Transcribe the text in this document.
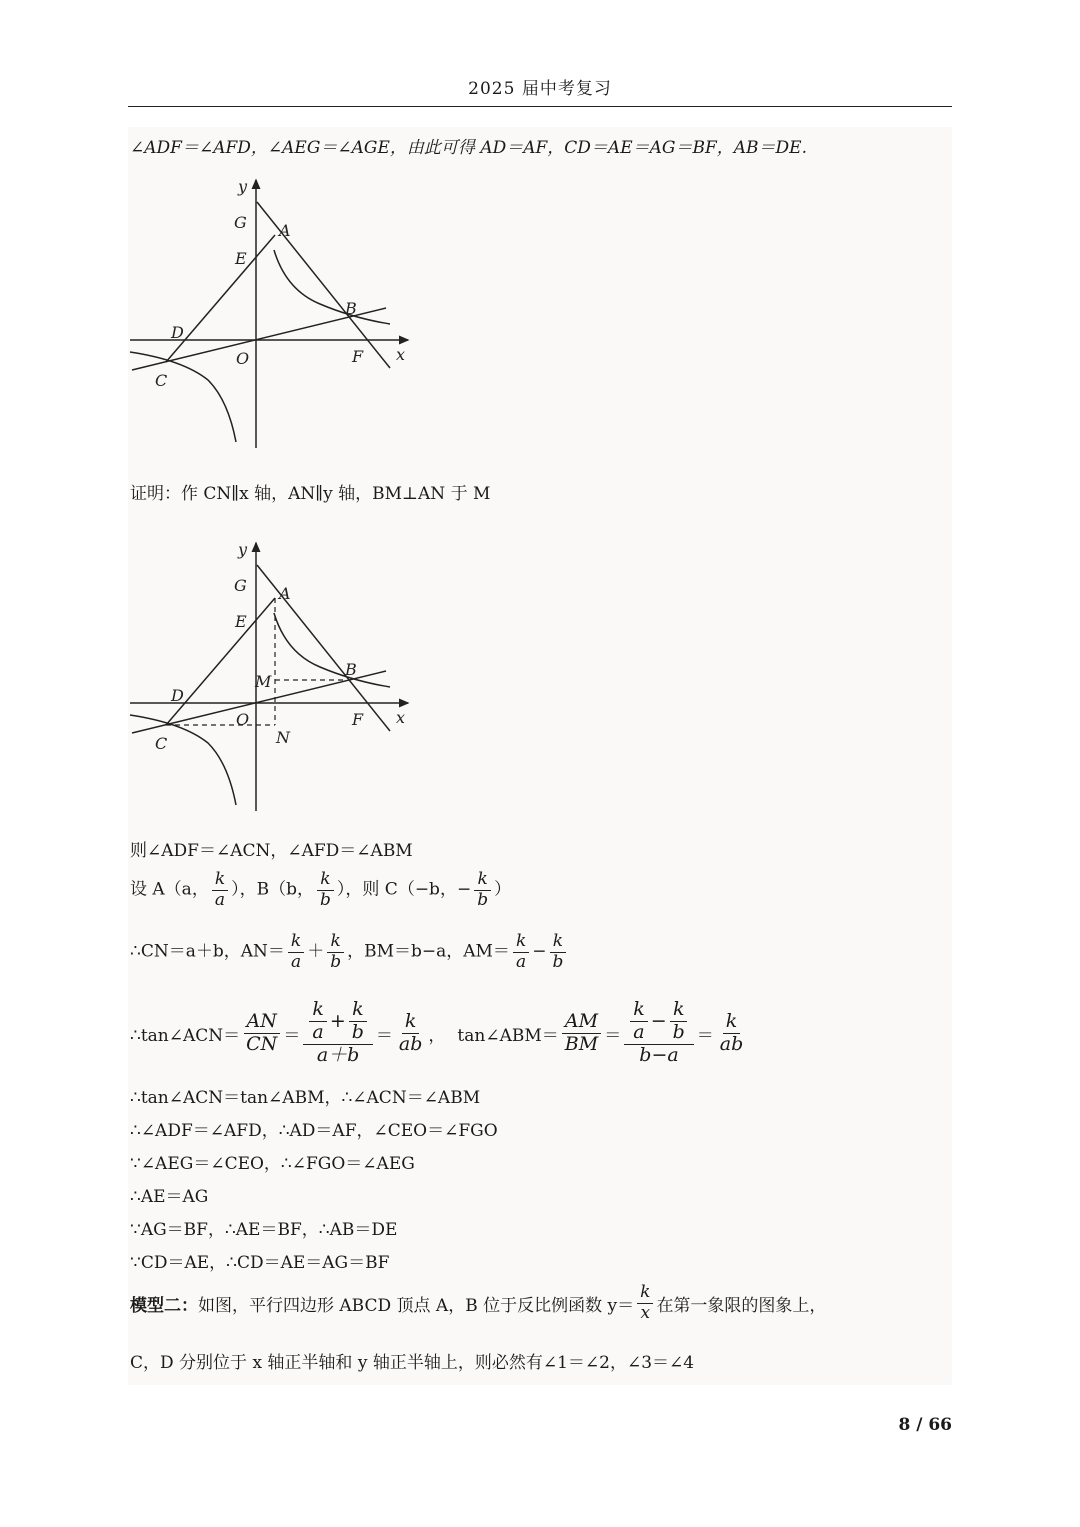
2025 届中考复习
∠ADF＝∠AFD，∠AEG＝∠AGE，由此可得 AD＝AF，CD＝AE＝AG＝BF，AB＝DE.
y
G A
E
B
D
O	F x
C
证明：作 CN∥x 轴，AN∥y 轴，BM⊥AN 于 M
y
G A
E
M
B
D
O	F x
C	N
则∠ADF＝∠ACN，∠AFD＝∠ABM
设 A（a， $\frac{k}{a}$ ），B（b， $\frac{k}{b}$ ），则 C（−b，− $\frac{k}{b}$ ）
∴CN＝a＋b，$AN= \frac{k}{a} + \frac{k}{b}$ ，BM＝b−a，$AM= \frac{k}{a} - \frac{k}{b}$
∴tan∠ACN＝ $\frac{AN}{CN} = \frac{\frac{k}{a} + \frac{k}{b}}{a+b} = \frac{k}{ab}$ ， tan∠ABM＝ $\frac{AM}{BM} = \frac{\frac{k}{a} - \frac{k}{b}}{b-a} = \frac{k}{ab}$
∴tan∠ACN＝tan∠ABM，∴∠ACN＝∠ABM
∴∠ADF＝∠AFD，∴AD＝AF，∠CEO＝∠FGO
∵∠AEG＝∠CEO，∴∠FGO＝∠AEG
∴AE＝AG
∵AG＝BF，∴AE＝BF，∴AB＝DE
∵CD＝AE，∴CD＝AE＝AG＝BF
模型二： 如图，平行四边形 ABCD 顶点 A，B 位于反比例函数 $y= \frac{k}{x}$ 在第一象限的图象上，
C，D 分别位于 x 轴正半轴和 y 轴正半轴上，则必然有∠1＝∠2，∠3＝∠4
8 / 66
